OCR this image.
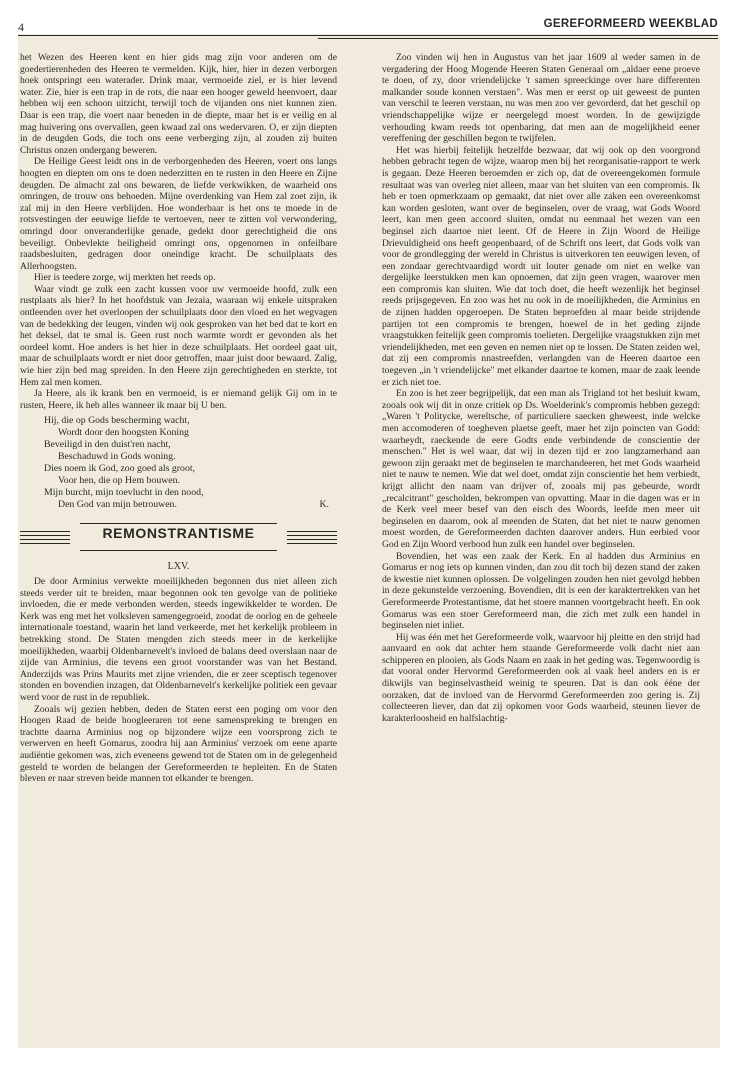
4	GEREFORMEERD WEEKBLAD

het Wezen des Heeren kent en hier gids mag zijn voor anderen om de goedertierenheden des Heeren te vermelden. Kijk, hier, hier in dezen verborgen hoek ontspringt een waterader. Drink maar, vermoeide ziel, er is hier levend water. Zie, hier is een trap in de rots, die naar een hooger geweld heenvoert, daar hebben wij een schoon uitzicht, terwijl toch de vijanden ons niet kunnen zien. Daar is een trap, die voert naar beneden in de diepte, maar het is er veilig en al mag huivering ons overvallen, geen kwaad zal ons wedervaren. O, er zijn diepten in de deugden Gods, die toch ons eene verberging zijn, al zouden zij buiten Christus onzen ondergang beweren.

De Heilige Geest leidt ons in de verborgenheden des Heeren, voert ons langs hoogten en diepten om ons te doen nederzitten en te rusten in den Heere en Zijne deugden. De almacht zal ons bewaren, de liefde verkwikken, de waarheid ons omringen, de trouw ons behoeden. Mijne overdenking van Hem zal zoet zijn, ik zal mij in den Heere verblijden. Hoe wonderbaar is het ons te moede in de rotsvestingen der eeuwige liefde te vertoeven, neer te zitten vol verwondering, omringd door onveranderlijke genade, gedekt door gerechtigheid die ons beveiligt. Onbevlekte heiligheid omringt ons, opgenomen in onfeilbare raadsbesluiten, gedragen door oneindige kracht. De schuilplaats des Allerhoogsten.

Hier is teedere zorge, wij merkten het reeds op.

Waar vindt ge zulk een zacht kussen voor uw vermoeide hoofd, zulk een rustplaats als hier? In het hoofdstuk van Jezaia, waaraan wij enkele uitspraken ontleenden over het overloopen der schuilplaats door den vloed en het wegvagen van de bedekking der leugen, vinden wij ook gesproken van het bed dat te kort en het deksel, dat te smal is. Geen rust noch warmte wordt er gevonden als het oordeel komt. Hoe anders is het hier in deze schuilplaats. Het oordeel gaat uit, maar de schuilplaats wordt er niet door getroffen, maar juist door bewaard. Zalig, wie hier zijn bed mag spreiden. In den Heere zijn gerechtigheden en sterkte, tot Hem zal men komen.

Ja Heere, als ik krank ben en vermoeid, is er niemand gelijk Gij om in te rusten, Heere, ik heb alles wanneer ik maar bij U ben.

Hij, die op Gods bescherming wacht,
Wordt door den hoogsten Koning
Beveiligd in den duist'ren nacht,
Beschaduwd in Gods woning.
Dies noem ik God, zoo goed als groot,
Voor hen, die op Hem bouwen.
Mijn burcht, mijn toevlucht in den nood,
Den God van mijn betrouwen.	K.
REMONSTRANTISME
LXV.

De door Arminius verwekte moeilijkheden begonnen dus niet alleen zich steeds verder uit te breiden, maar begonnen ook ten gevolge van de politieke invloeden, die er mede verbonden werden, steeds ingewikkelder te worden. De Kerk was eng met het volksleven samengegroeid, zoodat de oorlog en de geheele internationale toestand, waarin het land verkeerde, met het kerkelijk probleem in betrekking stond. De Staten mengden zich steeds meer in de kerkelijke moeilijkheden, waarbij Oldenbarnevelt's invloed de balans deed overslaan naar de zijde van Arminius, die tevens een groot voorstander was van het Bestand. Anderzijds was Prins Maurits met zijne vrienden, die er zeer sceptisch tegenover stonden en bovendien inzagen, dat Oldenbarnevelt's kerkelijke politiek een gevaar werd voor de rust in de republiek.

Zooals wij gezien hebben, deden de Staten eerst een poging om voor den Hoogen Raad de beide hoogleeraren tot eene samenspreking te brengen en trachtte daarna Arminius nog op bijzondere wijze een voorsprong zich te verwerven en heeft Gomarus, zoodra hij aan Arminius' verzoek om eene aparte audiëntie gekomen was, zich eveneens gewend tot de Staten om in de gelegenheid gesteld te worden de belangen der Gereformeerden te bepleiten. En de Staten bleven er naar streven beide mannen tot elkander te brengen.

Zoo vinden wij hen in Augustus van het jaar 1609 al weder samen in de vergadering der Hoog Mogende Heeren Staten Generaal om „aldaer eene proeve te doen, of zy, door vriendelijcke 't samen spreeckinge over hare differenten malkander soude konnen verstaen". Was men er eerst op uit geweest de punten van verschil te leeren verstaan, nu was men zoo ver gevorderd, dat het geschil op vriendschappelijke wijze er neergelegd moest worden. In de gewijzigde verhouding kwam reeds tot openbaring, dat men aan de mogelijkheid eener vereffening der geschillen begon te twijfelen.

Het was hierbij feitelijk hetzelfde bezwaar, dat wij ook op den voorgrond hebben gebracht tegen de wijze, waarop men bij het reorganisatie-rapport te werk is gegaan. Deze Heeren beroemden er zich op, dat de overeengekomen formule resultaat was van overleg niet alleen, maar van het sluiten van een compromis. Ik heb er toen opmerkzaam op gemaakt, dat niet over alle zaken een overeenkomst kan worden gesloten, want over de beginselen, over de vraag, wat Gods Woord leert, kan men geen accoord sluiten, omdat nu eenmaal het wezen van een beginsel zich daartoe niet leent. Of de Heere in Zijn Woord de Heilige Drievuldigheid ons heeft geopenbaard, of de Schrift ons leert, dat Gods volk van voor de grondlegging der wereld in Christus is uitverkoren ten eeuwigen leven, of een zondaar gerechtvaardigd wordt uit louter genade om niet en welke van dergelijke leerstukken men kan opnoemen, dat zijn geen vragen, waarover men een compromis kan sluiten. Wie dat toch doet, die heeft wezenlijk het beginsel reeds prijsgegeven. En zoo was het nu ook in de moeilijkheden, die Arminius en de zijnen hadden opgeroepen. De Staten beproefden al maar beide strijdende partijen tot een compromis te brengen, hoewel de in het geding zijnde vraagstukken feitelijk geen compromis toelieten. Dergelijke vraagstukken zijn met vriendelijkheden, met een geven en nemen niet op te lossen. De Staten zeiden wel, dat zij een compromis nnastreefden, verlangden van de Heeren daartoe een toegeven „in 't vriendelijcke" met elkander daartoe te komen, maar de zaak leende er zich niet toe.

En zoo is het zeer begrijpelijk, dat een man als Trigland tot het besluit kwam, zooals ook wij dit in onze critiek op Ds. Woelderink's compromis hebben gezegd: „Waren 't Politycke, wereltsche, of particuliere saecken gheweest, inde welcke men accomoderen of toegheven plaetse geeft, maer het zijn poincten van Godd: waarheydt, raeckende de eere Godts ende verbindende de conscientie der menschen." Het is wel waar, dat wij in dezen tijd er zoo langzamerhand aan gewoon zijn geraakt met de beginselen te marchandeeren, het met Gods waarheid niet te nauw te nemen. Wie dat wel doet, omdat zijn conscientie het hem verbiedt, krijgt allicht den naam van drijver of, zooals mij pas gebeurde, wordt „recalcitrant" gescholden, bekrompen van opvatting. Maar in die dagen was er in de Kerk veel meer besef van den eisch des Woords, leefde men meer uit beginselen en daarom, ook al meenden de Staten, dat het niet te nauw genomen moest worden, de Gereformeerden dachten daarover anders. Hun eerbied voor God en Zijn Woord verbood hun zulk een handel over beginselen.

Bovendien, het was een zaak der Kerk. En al hadden dus Arminius en Gomarus er nog iets op kunnen vinden, dan zou dit toch bij dezen stand der zaken de kwestie niet kunnen oplossen. De volgelingen zouden hen niet gevolgd hebben in deze gekunstelde verzoening. Bovendien, dit is een der karaktertrekken van het Gereformeerde Protestantisme, dat het stoere mannen voortgebracht heeft. En ook Gomarus was een stoer Gereformeerd man, die zich met zulk een handel in beginselen niet inliet.

Hij was één met het Gereformeerde volk, waarvoor hij pleitte en den strijd had aanvaard en ook dat achter hem staande Gereformeerde volk dacht niet aan schipperen en plooien, als Gods Naam en zaak in het geding was. Tegenwoordig is dat vooral onder Hervormd Gereformeerden ook al vaak heel anders en is er dikwijls van beginselvastheid weinig te speuren. Dat is dan ook ééne der oorzaken, dat de invloed van de Hervormd Gereformeerden zoo gering is. Zij collecteeren liever, dan dat zij opkomen voor Gods waarheid, steunen liever de karakterloosheid en halfslachtig-
